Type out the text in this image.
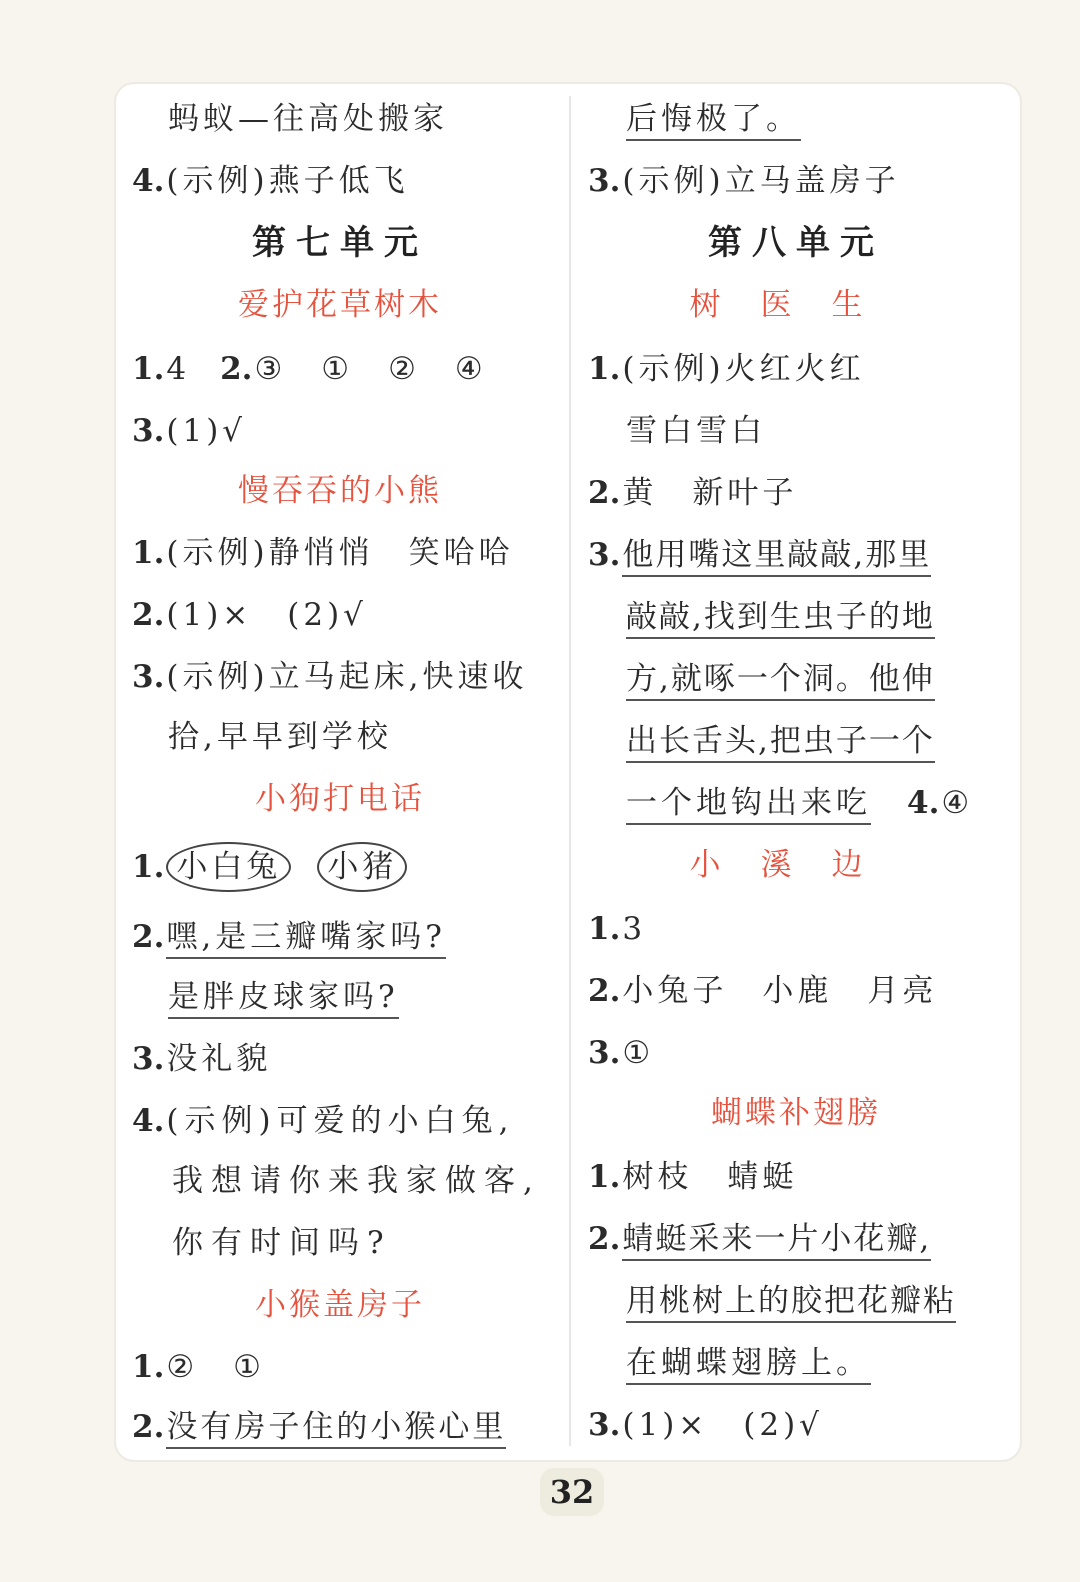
蚂蚁—往高处搬家
4.(示例)燕子低飞
第七单元
爱护花草树木
1.4 2.③　①　②　④
3.(1)√
慢吞吞的小熊
1.(示例)静悄悄　笑哈哈
2.(1)×　(2)√
3.(示例)立马起床,快速收
拾,早早到学校
小狗打电话
1. 小白兔 小猪
2.嘿,是三瓣嘴家吗?
是胖皮球家吗?
3.没礼貌
4.(示例)可爱的小白兔,
我想请你来我家做客,
你有时间吗?
小猴盖房子
1.②　①
2.没有房子住的小猴心里
后悔极了。
3.(示例)立马盖房子
第八单元
树医生
1.(示例)火红火红
雪白雪白
2.黄　新叶子
3.他用嘴这里敲敲,那里
敲敲,找到生虫子的地
方,就啄一个洞。他伸
出长舌头,把虫子一个
一个地钩出来吃 4.④
小溪边
1.3
2.小兔子　小鹿　月亮
3.①
蝴蝶补翅膀
1.树枝　蜻蜓
2.蜻蜓采来一片小花瓣,
用桃树上的胶把花瓣粘
在蝴蝶翅膀上。
3.(1)×　(2)√
32
